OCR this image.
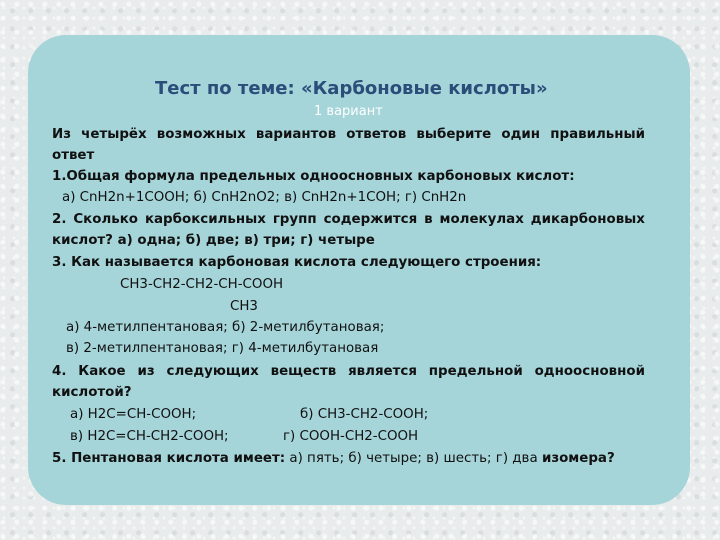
Тест по теме: «Карбоновые кислоты»
1 вариант
Из четырёх возможных вариантов ответов выберите один правильный
ответ
1.Общая формула предельных одноосновных карбоновых кислот:
а) CnH2n+1COOH; б) CnH2nO2; в) CnH2n+1COH; г) CnH2n
2. Сколько карбоксильных групп содержится в молекулах дикарбоновых
кислот? а) одна; б) две; в) три; г) четыре
3. Как называется карбоновая кислота следующего строения:
CH3-CH2-CH2-CH-COOH
CH3
а) 4-метилпентановая; б) 2-метилбутановая;
в) 2-метилпентановая; г) 4-метилбутановая
4. Какое из следующих веществ является предельной одноосновной
кислотой?
а) H2C=CH-COOH;	б) CH3-CH2-COOH;
в) H2C=CH-CH2-COOH;	г) COOH-CH2-COOH
5. Пентановая кислота имеет: а) пять; б) четыре; в) шесть; г) два изомера?
